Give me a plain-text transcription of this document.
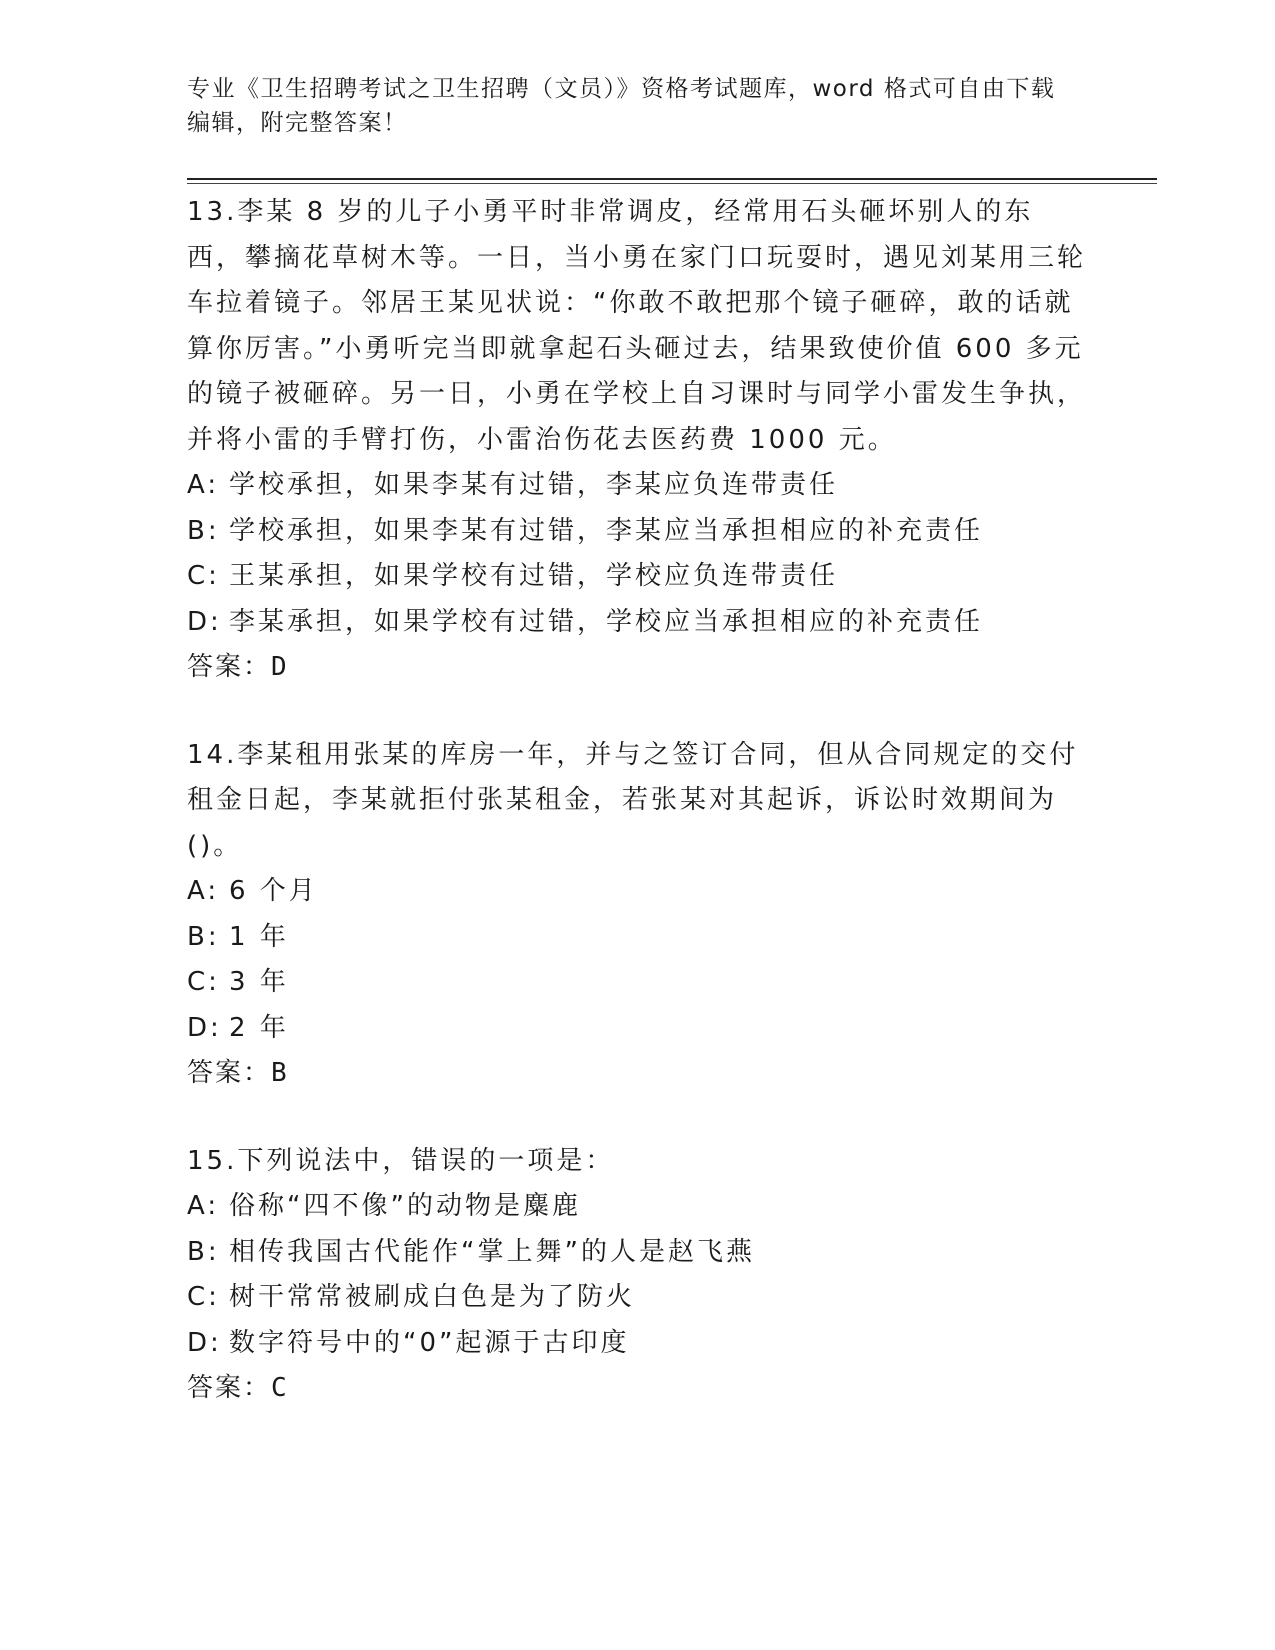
专业《卫生招聘考试之卫生招聘（文员）》资格考试题库，word 格式可自由下载编辑，附完整答案！

13.李某 8 岁的儿子小勇平时非常调皮，经常用石头砸坏别人的东西，攀摘花草树木等。一日，当小勇在家门口玩耍时，遇见刘某用三轮车拉着镜子。邻居王某见状说：“你敢不敢把那个镜子砸碎，敢的话就算你厉害。”小勇听完当即就拿起石头砸过去，结果致使价值 600 多元的镜子被砸碎。另一日，小勇在学校上自习课时与同学小雷发生争执，并将小雷的手臂打伤，小雷治伤花去医药费 1000 元。

A: 学校承担，如果李某有过错，李某应负连带责任

B: 学校承担，如果李某有过错，李某应当承担相应的补充责任

C: 王某承担，如果学校有过错，学校应负连带责任

D: 李某承担，如果学校有过错，学校应当承担相应的补充责任

答案：D

14.李某租用张某的库房一年，并与之签订合同，但从合同规定的交付租金日起，李某就拒付张某租金，若张某对其起诉，诉讼时效期间为()。

A: 6 个月

B: 1 年

C: 3 年

D: 2 年

答案：B

15.下列说法中，错误的一项是：

A: 俗称“四不像”的动物是麋鹿

B: 相传我国古代能作“掌上舞”的人是赵飞燕

C: 树干常常被刷成白色是为了防火

D: 数字符号中的“0”起源于古印度

答案：C
